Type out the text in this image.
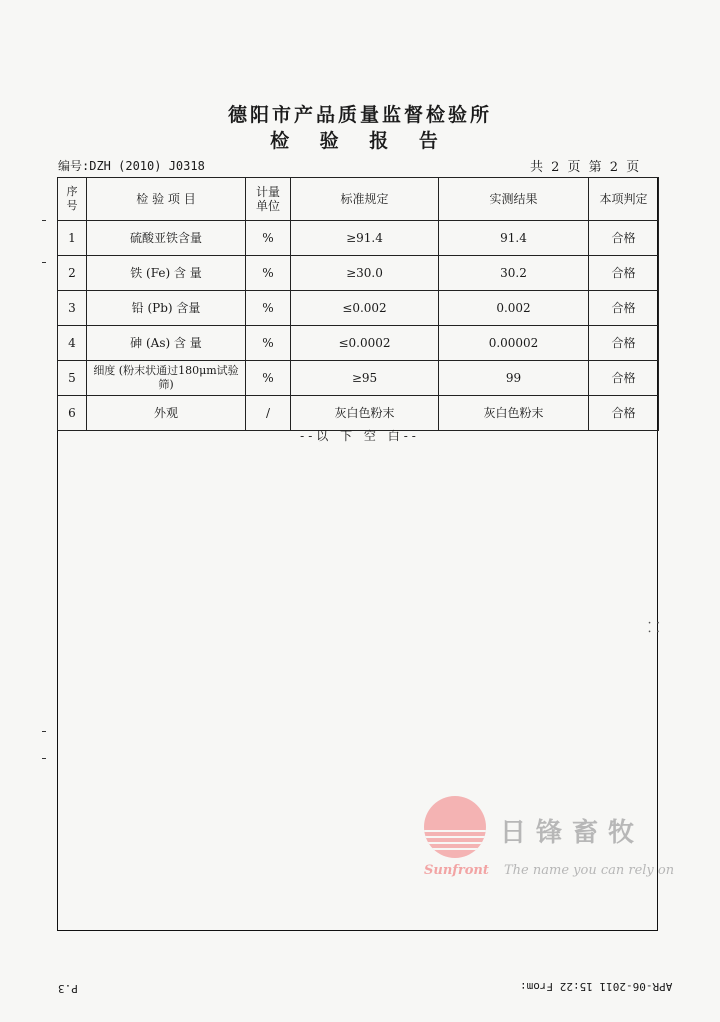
德阳市产品质量监督检验所
检 验 报 告
编号:DZH (2010) J0318	共 2 页 第 2 页
序号	检 验 项 目	计量单位	标准规定	实测结果	本项判定
1	硫酸亚铁含量	%	≥91.4	91.4	合格
2	铁 (Fe) 含 量	%	≥30.0	30.2	合格
3	铅 (Pb) 含量	%	≤0.002	0.002	合格
4	砷 (As) 含 量	%	≤0.0002	0.00002	合格
5	细度 (粉末状通过180μm试验筛)	%	≥95	99	合格
6	外观	/	灰白色粉末	灰白色粉末	合格
--以 下 空 白--
⸬
日锋畜牧
Sunfront The name you can rely on
APR-06-2011 15:22 From:
P.3
